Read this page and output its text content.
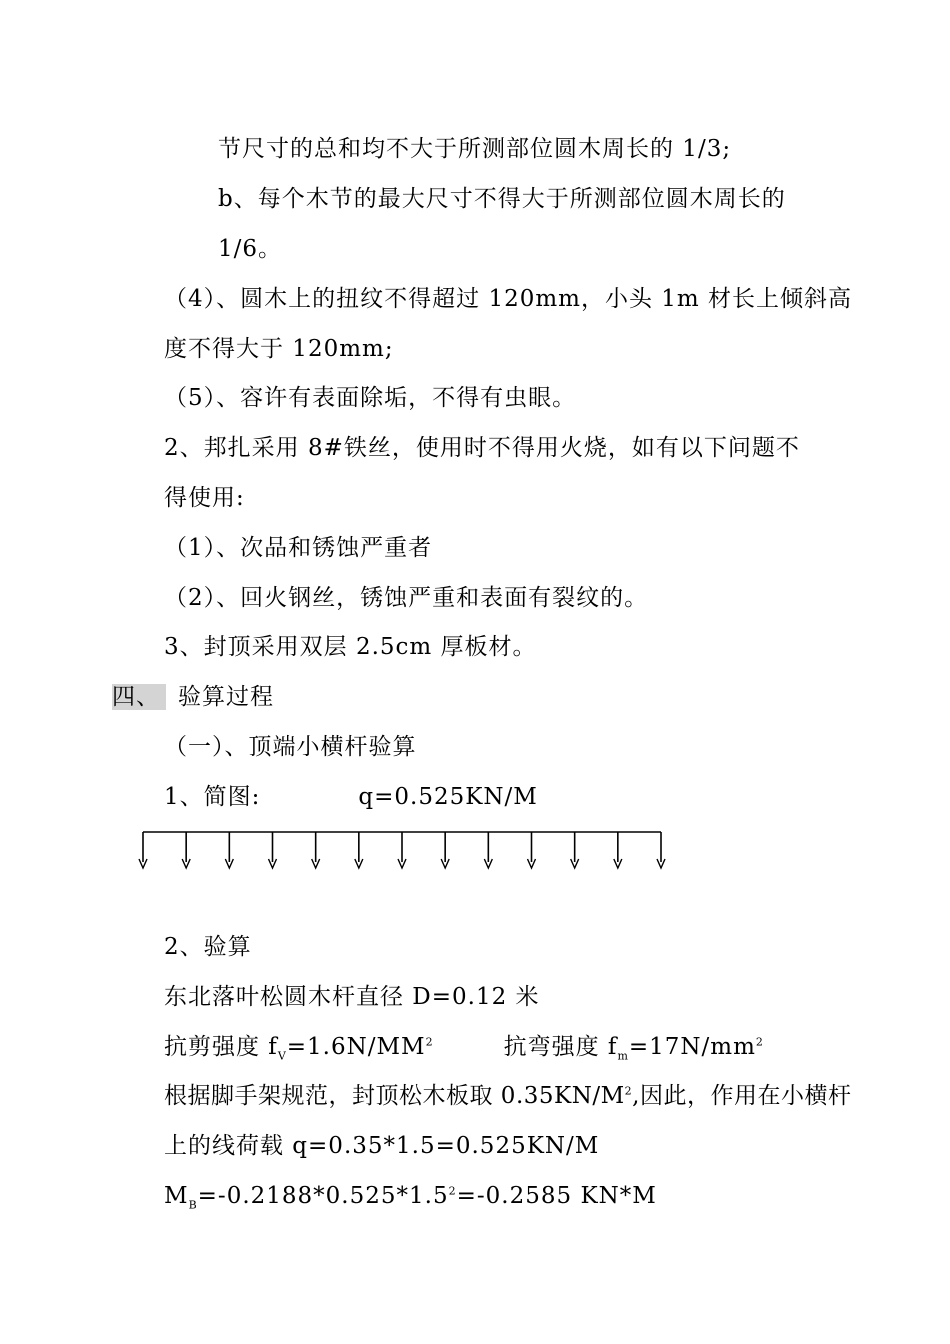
节尺寸的总和均不大于所测部位圆木周长的 1/3;
b、每个木节的最大尺寸不得大于所测部位圆木周长的
1/6。
（4）、圆木上的扭纹不得超过 120mm，小头 1m 材长上倾斜高
度不得大于 120mm;
（5）、容许有表面除垢，不得有虫眼。
2、邦扎采用 8#铁丝，使用时不得用火烧，如有以下问题不
得使用:
（1）、次品和锈蚀严重者
（2）、回火钢丝，锈蚀严重和表面有裂纹的。
3、封顶采用双层 2.5cm 厚板材。
四、 验算过程
（一）、顶端小横杆验算
1、简图:	q=0.525KN/M
2、验算
东北落叶松圆木杆直径 D=0.12 米
抗剪强度 $f_V=1.6N/MM^2$	抗弯强度 $f_m=17N/mm^2$
根据脚手架规范，封顶松木板取 $0.35KN/M^2$,因此，作用在小横杆
上的线荷载 q=0.35*1.5=0.525KN/M
$M_B=-0.2188*0.525*1.5^2=-0.2585$ KN*M
